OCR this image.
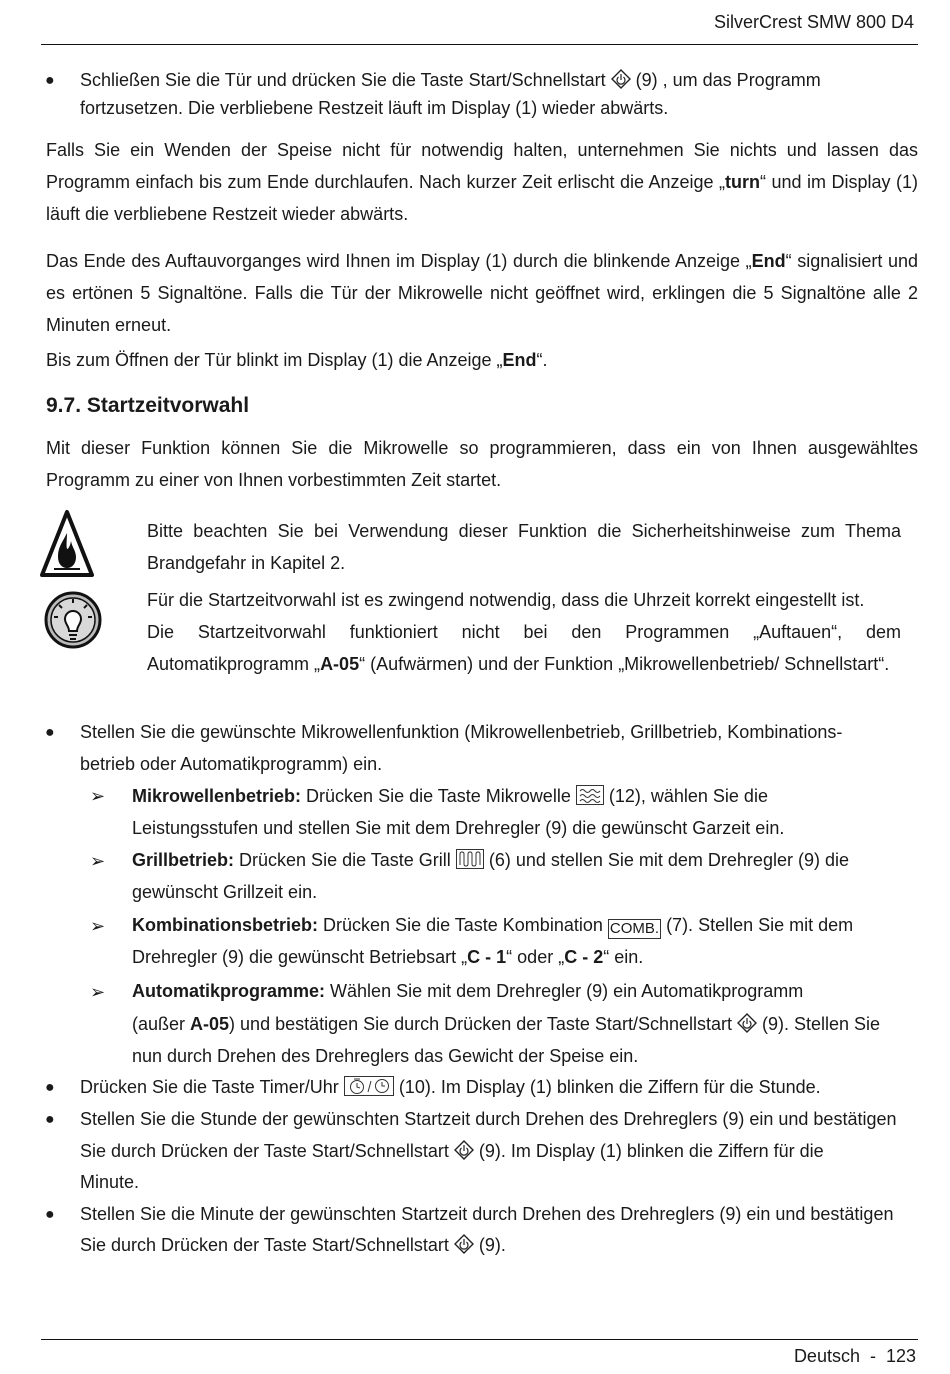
SilverCrest SMW 800 D4
● Schließen Sie die Tür und drücken Sie die Taste Start/Schnellstart (9) , um das Programm
fortzusetzen. Die verbliebene Restzeit läuft im Display (1) wieder abwärts.
Falls Sie ein Wenden der Speise nicht für notwendig halten, unternehmen Sie nichts und lassen das Programm einfach bis zum Ende durchlaufen. Nach kurzer Zeit erlischt die Anzeige „turn“ und im Display (1) läuft die verbliebene Restzeit wieder abwärts.
Das Ende des Auftauvorganges wird Ihnen im Display (1) durch die blinkende Anzeige „End“ signalisiert und es ertönen 5 Signaltöne. Falls die Tür der Mikrowelle nicht geöffnet wird, erklingen die 5 Signaltöne alle 2 Minuten erneut.
Bis zum Öffnen der Tür blinkt im Display (1) die Anzeige „End“.
9.7. Startzeitvorwahl
Mit dieser Funktion können Sie die Mikrowelle so programmieren, dass ein von Ihnen ausgewähltes Programm zu einer von Ihnen vorbestimmten Zeit startet.
Bitte beachten Sie bei Verwendung dieser Funktion die Sicherheitshinweise zum Thema Brandgefahr in Kapitel 2.
Für die Startzeitvorwahl ist es zwingend notwendig, dass die Uhrzeit korrekt eingestellt ist.
Die Startzeitvorwahl funktioniert nicht bei den Programmen „Auftauen“, dem Automatikprogramm „A-05“ (Aufwärmen) und der Funktion „Mikrowellenbetrieb/ Schnellstart“.
● Stellen Sie die gewünschte Mikrowellenfunktion (Mikrowellenbetrieb, Grillbetrieb, Kombinations-
betrieb oder Automatikprogramm) ein.
➢ Mikrowellenbetrieb: Drücken Sie die Taste Mikrowelle (12), wählen Sie die
Leistungsstufen und stellen Sie mit dem Drehregler (9) die gewünscht Garzeit ein.
➢ Grillbetrieb: Drücken Sie die Taste Grill (6) und stellen Sie mit dem Drehregler (9) die
gewünscht Grillzeit ein.
➢ Kombinationsbetrieb: Drücken Sie die Taste Kombination COMB. (7). Stellen Sie mit dem
Drehregler (9) die gewünscht Betriebsart „C - 1“ oder „C - 2“ ein.
➢ Automatikprogramme: Wählen Sie mit dem Drehregler (9) ein Automatikprogramm
(außer A-05) und bestätigen Sie durch Drücken der Taste Start/Schnellstart (9). Stellen Sie
nun durch Drehen des Drehreglers das Gewicht der Speise ein.
● Drücken Sie die Taste Timer/Uhr	(10). Im Display (1) blinken die Ziffern für die Stunde.
● Stellen Sie die Stunde der gewünschten Startzeit durch Drehen des Drehreglers (9) ein und bestätigen
Sie durch Drücken der Taste Start/Schnellstart (9). Im Display (1) blinken die Ziffern für die
Minute.
● Stellen Sie die Minute der gewünschten Startzeit durch Drehen des Drehreglers (9) ein und bestätigen
Sie durch Drücken der Taste Start/Schnellstart (9).
Deutsch  -  123
